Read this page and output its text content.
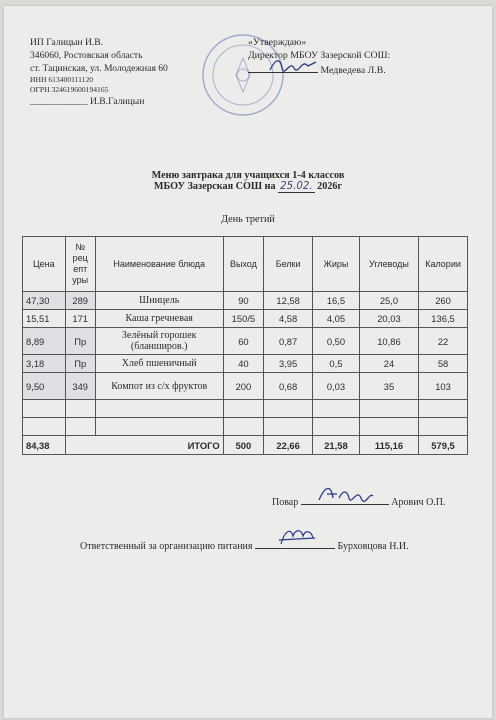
ИП Галицын И.В.
346060, Ростовская область
ст. Тацинская, ул. Молодежная 60
ИНН 613400111120
ОГРН 324619600194165
____________ И.В.Галицын
«Утверждаю»
Директор МБОУ Зазерской СОШ:
Медведева Л.В.
Меню завтрака для учащихся 1-4 классов
МБОУ Зазерская СОШ на 25.02. 2026г
День третий
Цена	№ рец епт уры	Наименование блюда	Выход	Белки	Жиры	Углеводы	Калории
47,30	289	Шницель	90	12,58	16,5	25,0	260
15,51	171	Каша гречневая	150/5	4,58	4,05	20,03	136,5
8,89	Пр	Зелёный горошек (бланширов.)	60	0,87	0,50	10,86	22
3,18	Пр	Хлеб пшеничный	40	3,95	0,5	24	58
9,50	349	Компот из с/х фруктов	200	0,68	0,03	35	103

84,38	ИТОГО		500	22,66	21,58	115,16	579,5
Повар	Арович О.П.
Ответственный за организацию питания	Бурховцова Н.И.
